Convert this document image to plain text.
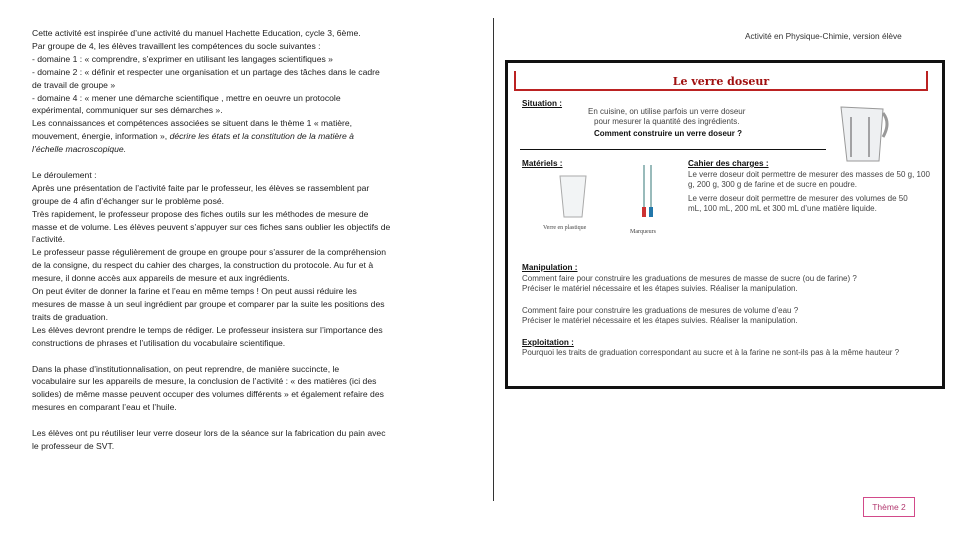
Cette activité est inspirée d’une activité du manuel Hachette Education, cycle 3, 6ème.
Par groupe de 4, les élèves travaillent les compétences du socle suivantes :
- domaine 1 : « comprendre, s’exprimer en utilisant les langages scientifiques »
- domaine 2 : « définir et respecter une organisation et un partage des tâches dans le cadre
de travail de groupe »
- domaine 4 : « mener une démarche scientifique , mettre en oeuvre un protocole
expérimental, communiquer sur ses démarches ».
Les connaissances et compétences associées se situent dans le thème 1 « matière,
mouvement, énergie, information », décrire les états et la constitution de la matière à
l’échelle macroscopique.
Le déroulement :
Après une présentation de l’activité faite par le professeur, les élèves se rassemblent par
groupe de 4 afin d’échanger sur le problème posé.
Très rapidement, le professeur propose des fiches outils sur les méthodes de mesure de
masse et de volume. Les élèves peuvent s’appuyer sur ces fiches sans oublier les objectifs de
l’activité.
Le professeur passe régulièrement de groupe en groupe pour s’assurer de la compréhension
de la consigne, du respect du cahier des charges, la construction du protocole. Au fur et à
mesure, il donne accès aux appareils de mesure et aux ingrédients.
On peut éviter de donner la farine et l’eau en même temps ! On peut aussi réduire les
mesures de masse à un seul ingrédient par groupe et comparer par la suite les positions des
traits de graduation.
Les élèves devront prendre le temps de rédiger. Le professeur insistera sur l’importance des
constructions de phrases et l’utilisation du vocabulaire scientifique.
Dans la phase d’institutionnalisation, on peut reprendre, de manière succincte, le
vocabulaire sur les appareils de mesure, la conclusion de l’activité : « des matières (ici des
solides) de même masse peuvent occuper des volumes différents » et également refaire des
mesures en comparant l’eau et l’huile.
Les élèves ont pu réutiliser leur verre doseur lors de la séance sur la fabrication du pain avec
le professeur de SVT.
Activité en Physique-Chimie, version élève
Le verre doseur
Situation :
En cuisine, on utilise parfois un verre doseur
pour mesurer la quantité des ingrédients.
Comment construire un verre doseur ?
Matériels :
Verre en plastique
Marqueurs
Cahier des charges :
Le verre doseur doit permettre de mesurer des masses de 50 g, 100 g, 200 g, 300 g de farine et de sucre en poudre.
Le verre doseur doit permettre de mesurer des volumes de 50 mL, 100 mL, 200 mL et 300 mL d’une matière liquide.
Manipulation :
Comment faire pour construire les graduations de mesures de masse de sucre (ou de farine) ?
Préciser le matériel nécessaire et les étapes suivies. Réaliser la manipulation.
Comment faire pour construire les graduations de mesures de volume d’eau ?
Préciser le matériel nécessaire et les étapes suivies. Réaliser la manipulation.
Exploitation :
Pourquoi les traits de graduation correspondant au sucre et à la farine ne sont-ils pas à la même hauteur ?
Thème 2
